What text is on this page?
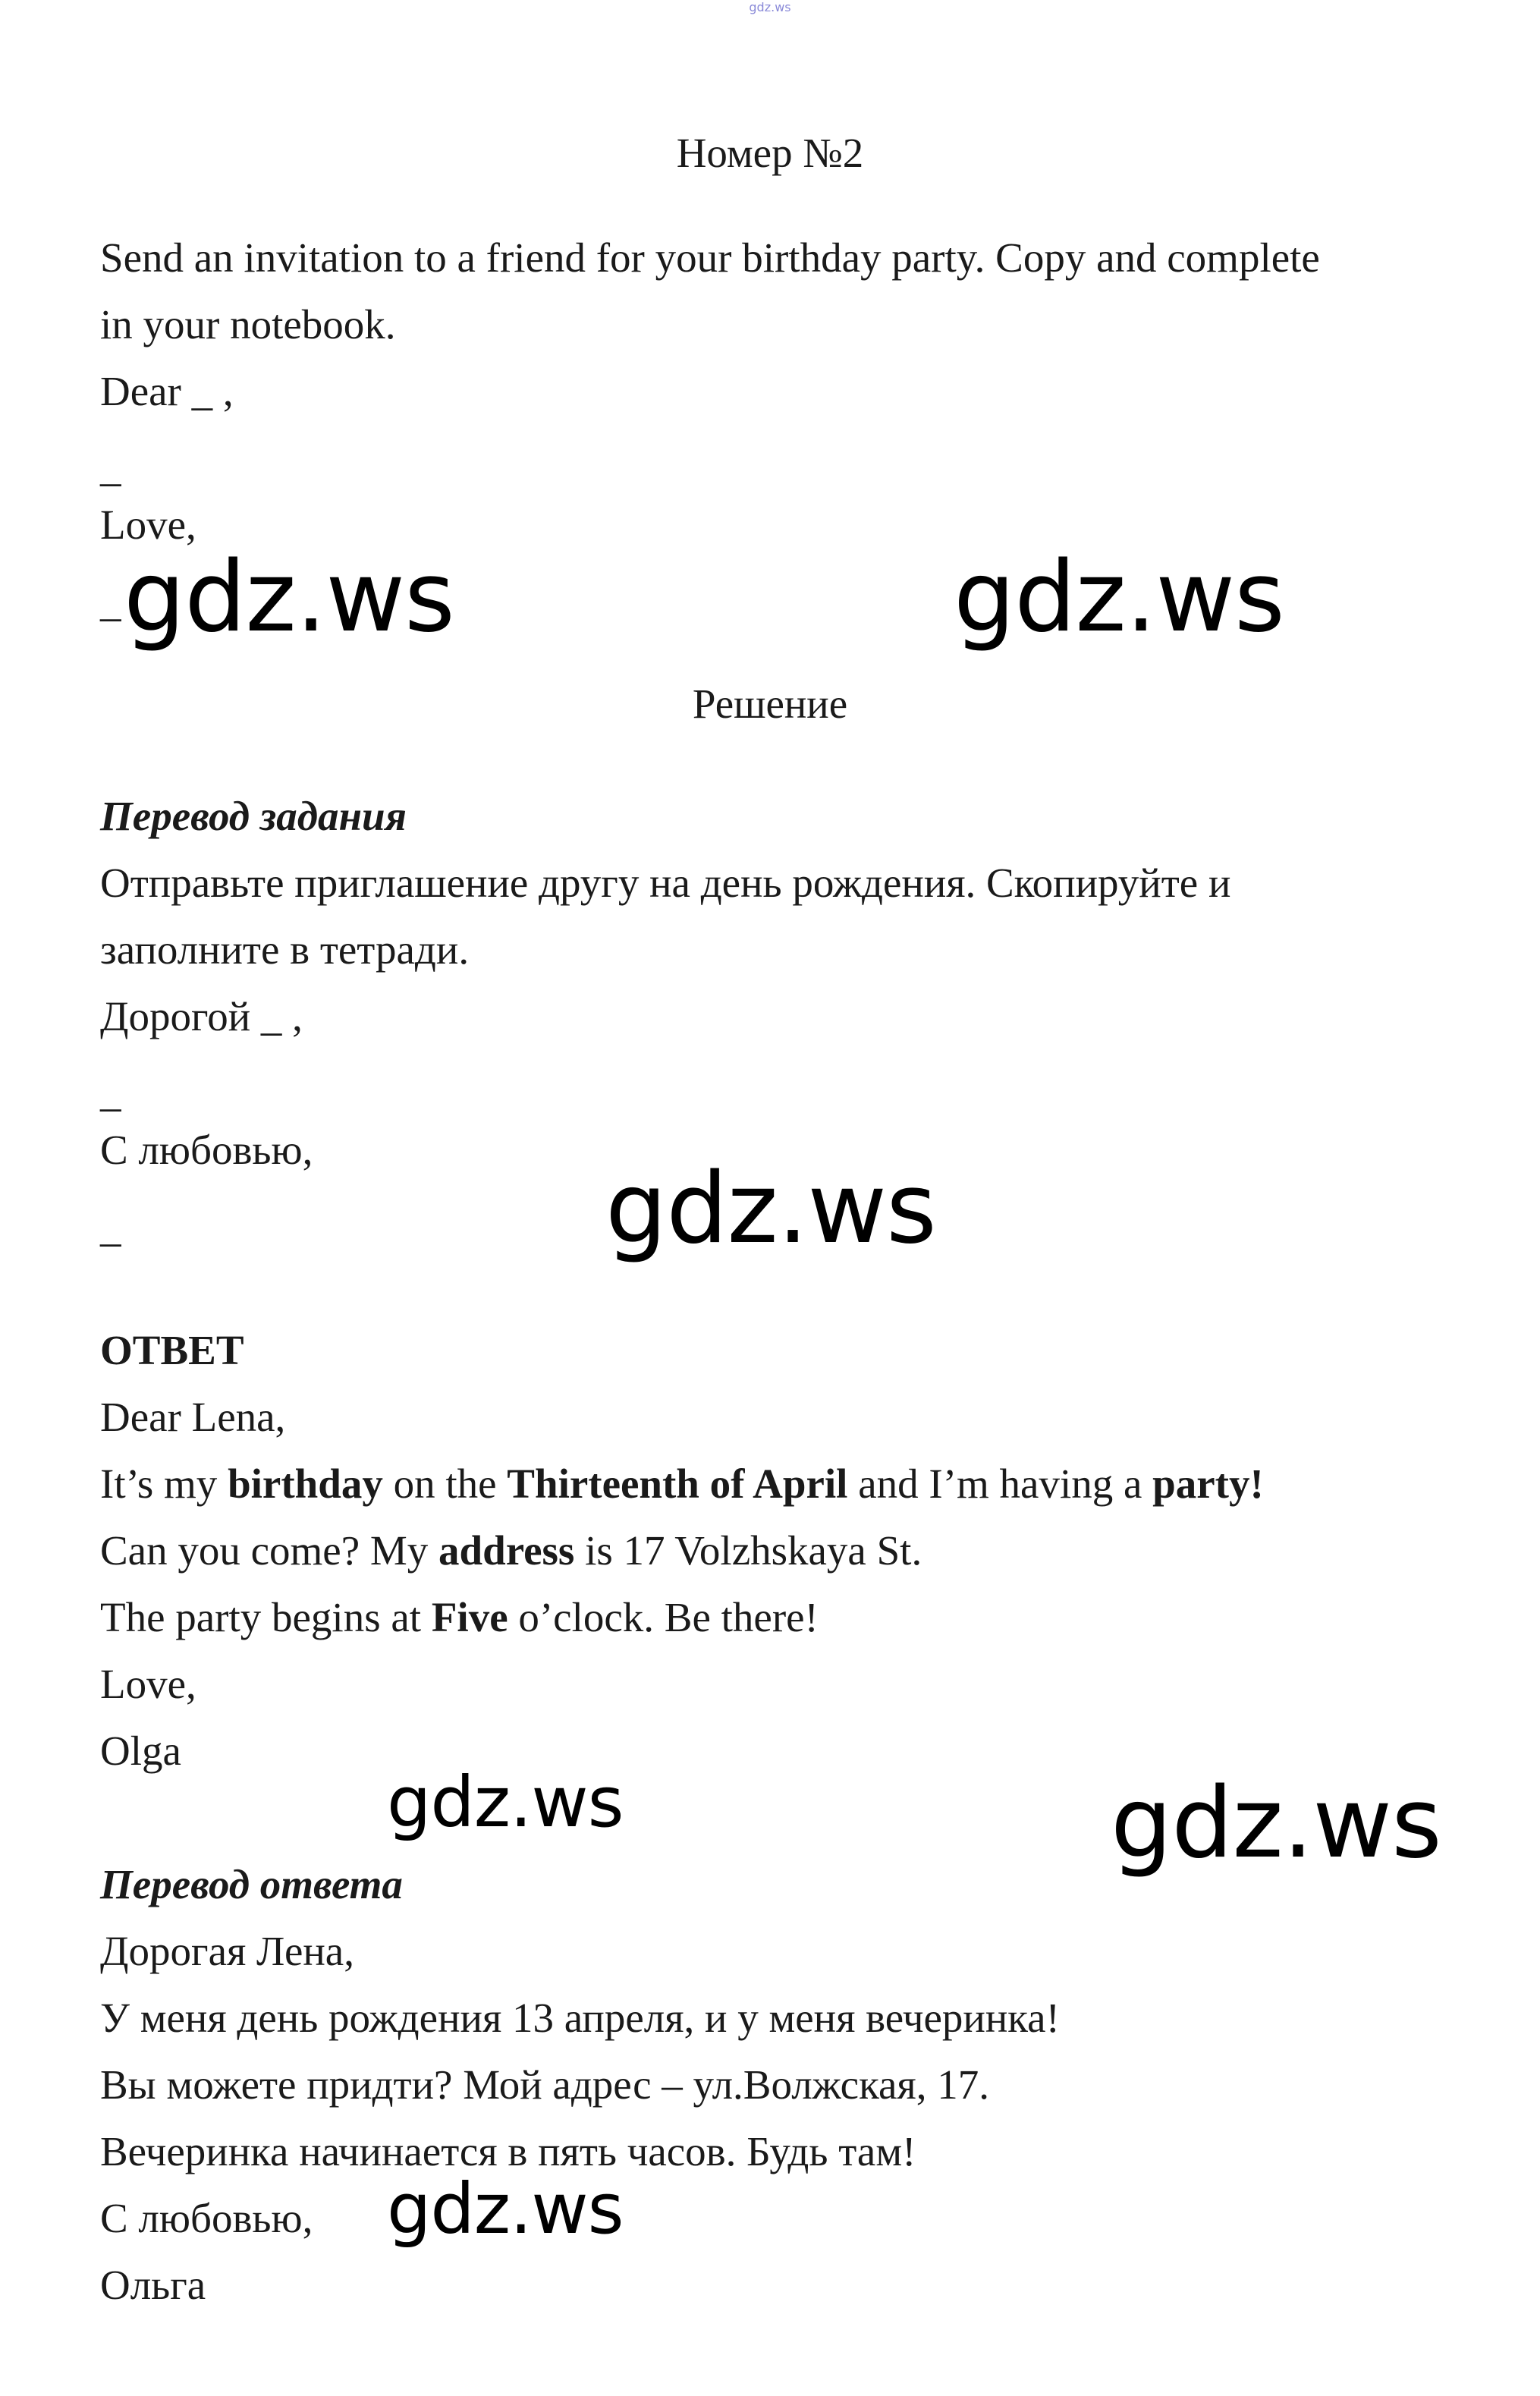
gdz.ws
Номер №2
Send an invitation to a friend for your birthday party. Copy and complete
in your notebook.
Dear _ ,
_
Love,
_
Решение
Перевод задания
Отправьте приглашение другу на день рождения. Скопируйте и
заполните в тетради.
Дорогой _ ,
_
С любовью,
_
ОТВЕТ
Dear Lena,
It’s my birthday on the Thirteenth of April and I’m having a party!
Can you come? My address is 17 Volzhskaya St.
The party begins at Five o’clock. Be there!
Love,
Olga
Перевод ответа
Дорогая Лена,
У меня день рождения 13 апреля, и у меня вечеринка!
Вы можете придти? Мой адрес – ул.Волжская, 17.
Вечеринка начинается в пять часов. Будь там!
С любовью,
Ольга
gdz.ws	gdz.ws
gdz.ws
gdz.ws	gdz.ws
gdz.ws
